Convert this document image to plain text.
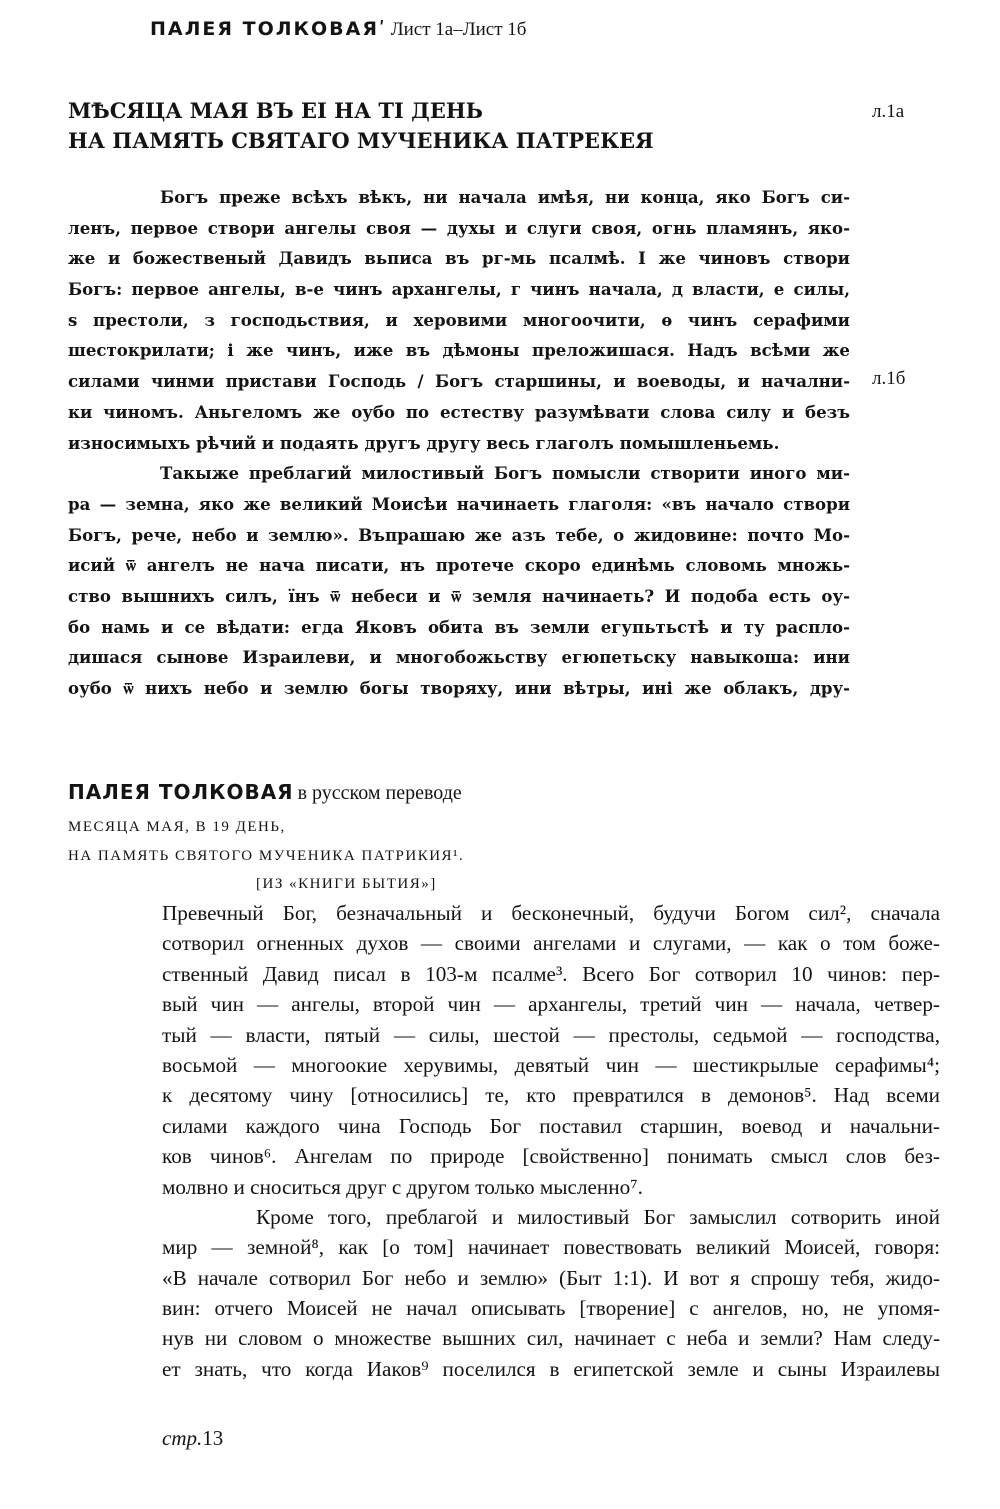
ПАЛЕЯ ТОЛКОВАЯʹ Лист 1а–Лист 1б
МѢСЯЦА МАЯ ВЪ ЕІ НА ТІ ДЕНЬ
НА ПАМЯТЬ СВЯТАГО МУЧЕНИКА ПАТРЕКЕЯ
л.1а
л.1б
Богъ преже всѣхъ вѣкъ, ни начала имѣя, ни конца, яко Богъ си-
ленъ, первое створи ангелы своя — духы и слуги своя, огнь пламянъ, яко-
же и божественый Давидъ вьписа въ рг-мь псалмѣ. І же чиновъ створи
Богъ: первое ангелы, в-е чинъ архангелы, г чинъ начала, д власти, е силы,
s престоли, з господьствия, и херовими многоочити, ѳ чинъ серафими
шестокрилати; і же чинъ, иже въ дѣмоны преложишася. Надъ всѣми же
силами чинми пристави Господь / Богъ старшины, и воеводы, и начални-
ки чиномъ. Аньгеломъ же оубо по естеству разумѣвати слова силу и безъ
износимыхъ рѣчий и подаять другъ другу весь глаголъ помышленьемь.
Такыже преблагий милостивый Богъ помысли створити иного ми-
ра — земна, яко же великий Моисѣи начинаеть глаголя: «въ начало створи
Богъ, рече, небо и землю». Въпрашаю же азъ тебе, о жидовине: почто Мо-
исий ѿ ангелъ не нача писати, нъ протече скоро единѣмь словомь множь-
ство вышнихъ силъ, їнъ ѿ небеси и ѿ земля начинаеть? И подоба есть оу-
бо намь и се вѣдати: егда Яковъ обита въ земли егупьтьстѣ и ту распло-
дишася сынове Израилеви, и многобожьству егюпетьску навыкоша: ини
оубо ѿ нихъ небо и землю богы творяху, ини вѣтры, ині же облакъ, дру-
ПАЛЕЯ ТОЛКОВАЯ в русском переводе
МЕСЯЦА МАЯ, В 19 ДЕНЬ,
НА ПАМЯТЬ СВЯТОГО МУЧЕНИКА ПАТРИКИЯ¹.
[ИЗ «КНИГИ БЫТИЯ»]
Превечный Бог, безначальный и бесконечный, будучи Богом сил², сначала
сотворил огненных духов — своими ангелами и слугами, — как о том боже-
ственный Давид писал в 103-м псалме³. Всего Бог сотворил 10 чинов: пер-
вый чин — ангелы, второй чин — архангелы, третий чин — начала, четвер-
тый — власти, пятый — силы, шестой — престолы, седьмой — господства,
восьмой — многоокие херувимы, девятый чин — шестикрылые серафимы⁴;
к десятому чину [относились] те, кто превратился в демонов⁵. Над всеми
силами каждого чина Господь Бог поставил старшин, воевод и начальни-
ков чинов⁶. Ангелам по природе [свойственно] понимать смысл слов без-
молвно и сноситься друг с другом только мысленно⁷.
Кроме того, преблагой и милостивый Бог замыслил сотворить иной
мир — земной⁸, как [о том] начинает повествовать великий Моисей, говоря:
«В начале сотворил Бог небо и землю» (Быт 1:1). И вот я спрошу тебя, жидо-
вин: отчего Моисей не начал описывать [творение] с ангелов, но, не упомя-
нув ни словом о множестве вышних сил, начинает с неба и земли? Нам следу-
ет знать, что когда Иаков⁹ поселился в египетской земле и сыны Израилевы
стр.13
